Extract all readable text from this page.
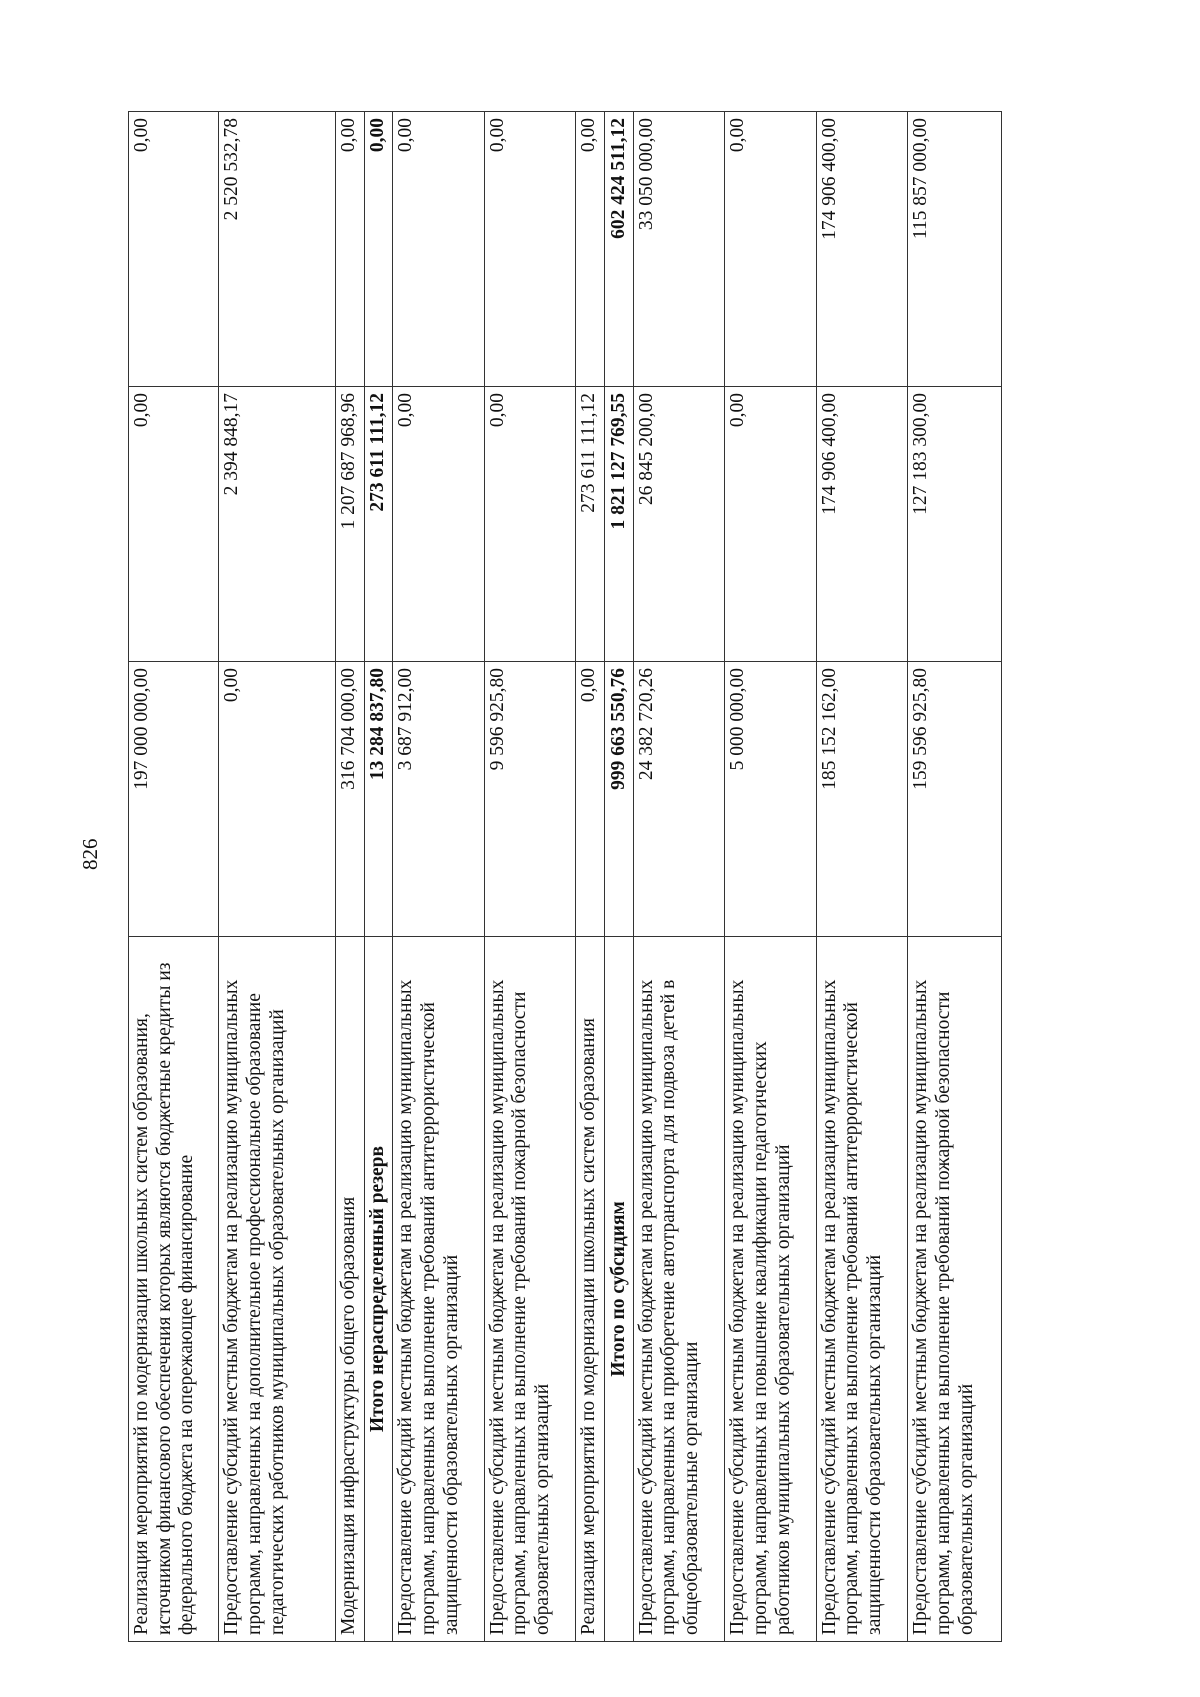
826
Реализация мероприятий по модернизации школьных систем образования, источником финансового обеспечения которых являются бюджетные кредиты из федерального бюджета на опережающее финансирование	197 000 000,00	0,00	0,00
Предоставление субсидий местным бюджетам на реализацию муниципальных программ, направленных на дополнительное профессиональное образование педагогических работников муниципальных образовательных организаций	0,00	2 394 848,17	2 520 532,78
Модернизация инфраструктуры общего образования	316 704 000,00	1 207 687 968,96	0,00
Итого нераспределенный резерв	13 284 837,80	273 611 111,12	0,00
Предоставление субсидий местным бюджетам на реализацию муниципальных программ, направленных на выполнение требований антитеррористической защищенности образовательных организаций	3 687 912,00	0,00	0,00
Предоставление субсидий местным бюджетам на реализацию муниципальных программ, направленных на выполнение требований пожарной безопасности образовательных организаций	9 596 925,80	0,00	0,00
Реализация мероприятий по модернизации школьных систем образования	0,00	273 611 111,12	0,00
Итого по субсидиям	999 663 550,76	1 821 127 769,55	602 424 511,12
Предоставление субсидий местным бюджетам на реализацию муниципальных программ, направленных на приобретение автотранспорта для подвоза детей в общеобразовательные организации	24 382 720,26	26 845 200,00	33 050 000,00
Предоставление субсидий местным бюджетам на реализацию муниципальных программ, направленных на повышение квалификации педагогических работников муниципальных образовательных организаций	5 000 000,00	0,00	0,00
Предоставление субсидий местным бюджетам на реализацию муниципальных программ, направленных на выполнение требований антитеррористической защищенности образовательных организаций	185 152 162,00	174 906 400,00	174 906 400,00
Предоставление субсидий местным бюджетам на реализацию муниципальных программ, направленных на выполнение требований пожарной безопасности образовательных организаций	159 596 925,80	127 183 300,00	115 857 000,00
